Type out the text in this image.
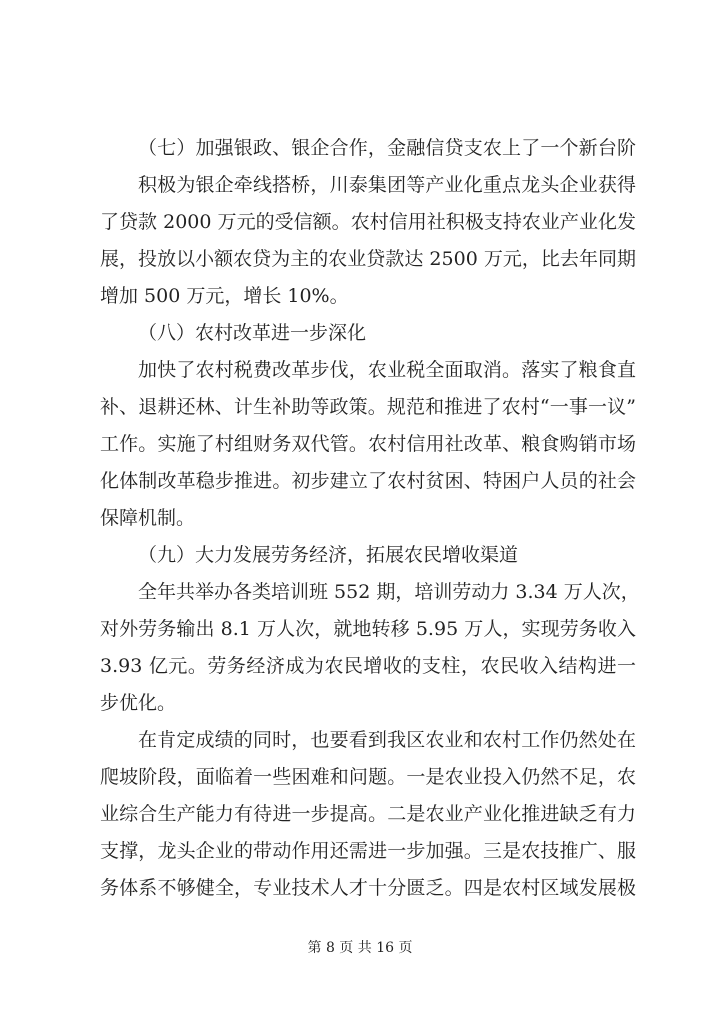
（七）加强银政、银企合作，金融信贷支农上了一个新台阶
积极为银企牵线搭桥，川泰集团等产业化重点龙头企业获得
了贷款 2000 万元的受信额。农村信用社积极支持农业产业化发
展，投放以小额农贷为主的农业贷款达 2500 万元，比去年同期
增加 500 万元，增长 10%。
（八）农村改革进一步深化
加快了农村税费改革步伐，农业税全面取消。落实了粮食直
补、退耕还林、计生补助等政策。规范和推进了农村“一事一议”
工作。实施了村组财务双代管。农村信用社改革、粮食购销市场
化体制改革稳步推进。初步建立了农村贫困、特困户人员的社会
保障机制。
（九）大力发展劳务经济，拓展农民增收渠道
全年共举办各类培训班 552 期，培训劳动力 3.34 万人次，
对外劳务输出 8.1 万人次，就地转移 5.95 万人，实现劳务收入
3.93 亿元。劳务经济成为农民增收的支柱，农民收入结构进一
步优化。
在肯定成绩的同时，也要看到我区农业和农村工作仍然处在
爬坡阶段，面临着一些困难和问题。一是农业投入仍然不足，农
业综合生产能力有待进一步提高。二是农业产业化推进缺乏有力
支撑，龙头企业的带动作用还需进一步加强。三是农技推广、服
务体系不够健全，专业技术人才十分匮乏。四是农村区域发展极
第 8 页 共 16 页
